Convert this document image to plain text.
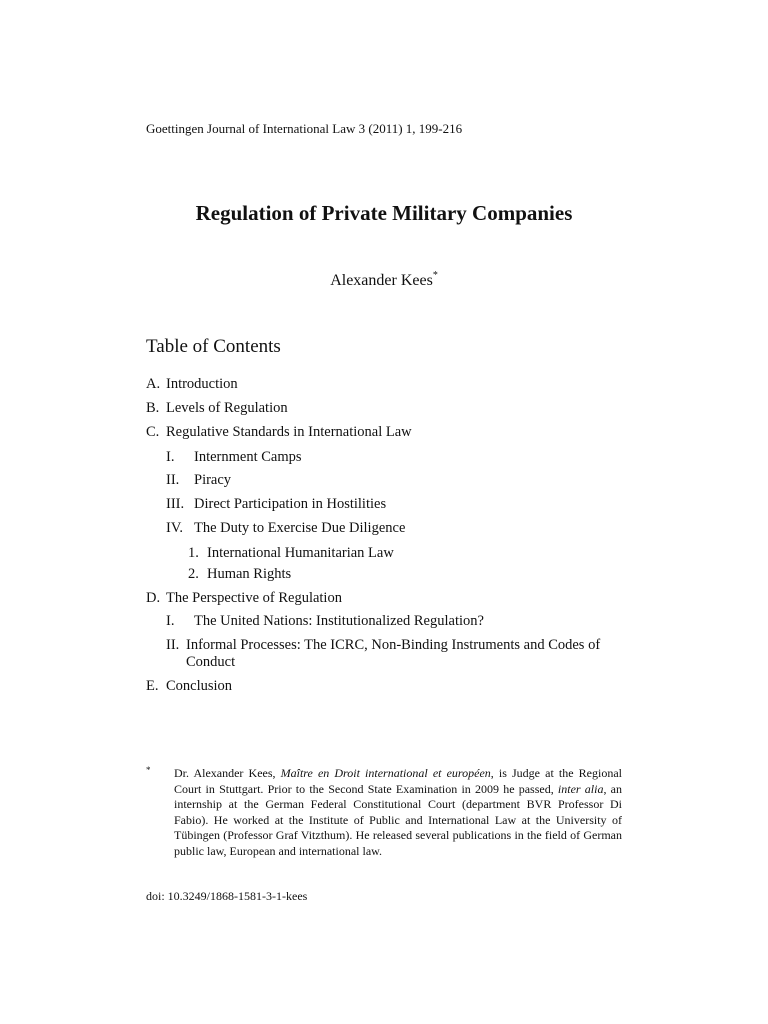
Goettingen Journal of International Law 3 (2011) 1, 199-216
Regulation of Private Military Companies
Alexander Kees*
Table of Contents
A. Introduction
B. Levels of Regulation
C. Regulative Standards in International Law
I. Internment Camps
II. Piracy
III. Direct Participation in Hostilities
IV. The Duty to Exercise Due Diligence
1. International Humanitarian Law
2. Human Rights
D. The Perspective of Regulation
I. The United Nations: Institutionalized Regulation?
II. Informal Processes: The ICRC, Non-Binding Instruments and Codes of Conduct
E. Conclusion
* Dr. Alexander Kees, Maître en Droit international et européen, is Judge at the Regional Court in Stuttgart. Prior to the Second State Examination in 2009 he passed, inter alia, an internship at the German Federal Constitutional Court (department BVR Professor Di Fabio). He worked at the Institute of Public and International Law at the University of Tübingen (Professor Graf Vitzthum). He released several publications in the field of German public law, European and international law.
doi: 10.3249/1868-1581-3-1-kees
